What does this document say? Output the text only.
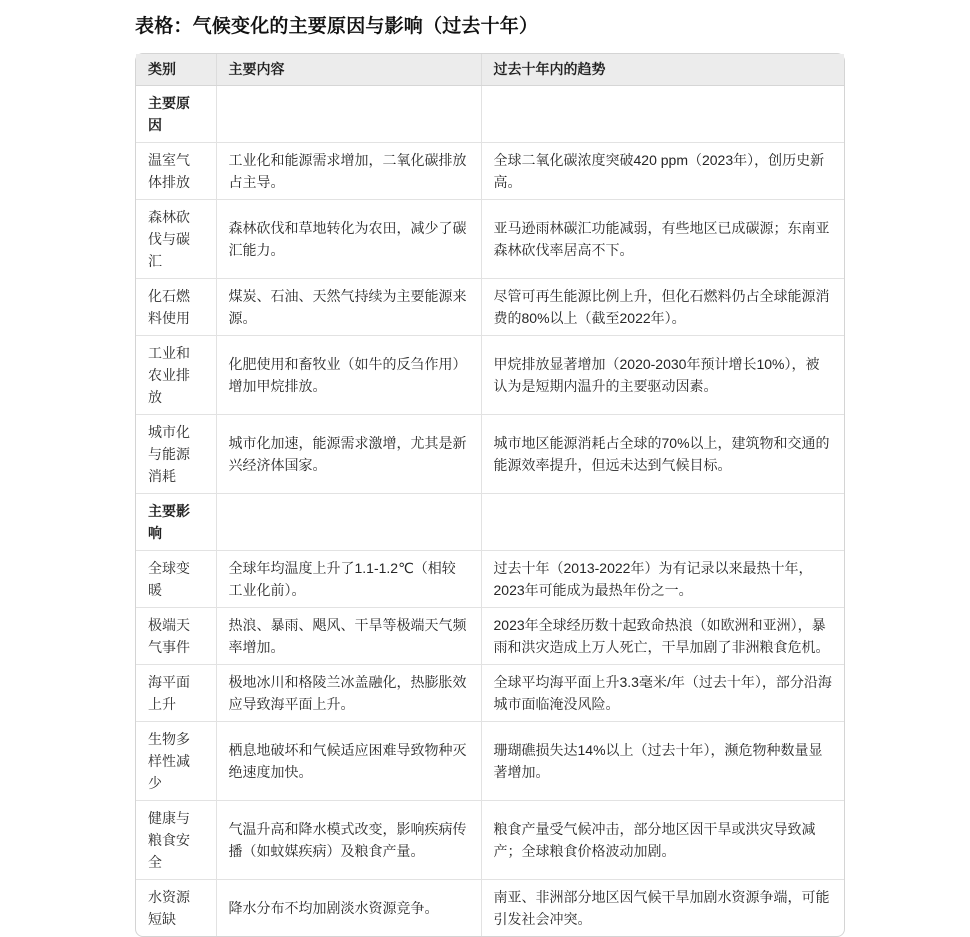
表格：气候变化的主要原因与影响（过去十年）
类别	主要内容	过去十年内的趋势
主要原因		
温室气体排放	工业化和能源需求增加，二氧化碳排放占主导。	全球二氧化碳浓度突破420 ppm（2023年），创历史新高。
森林砍伐与碳汇	森林砍伐和草地转化为农田，减少了碳汇能力。	亚马逊雨林碳汇功能减弱，有些地区已成碳源；东南亚森林砍伐率居高不下。
化石燃料使用	煤炭、石油、天然气持续为主要能源来源。	尽管可再生能源比例上升，但化石燃料仍占全球能源消费的80%以上（截至2022年）。
工业和农业排放	化肥使用和畜牧业（如牛的反刍作用）增加甲烷排放。	甲烷排放显著增加（2020-2030年预计增长10%），被认为是短期内温升的主要驱动因素。
城市化与能源消耗	城市化加速，能源需求激增，尤其是新兴经济体国家。	城市地区能源消耗占全球的70%以上，建筑物和交通的能源效率提升，但远未达到气候目标。
主要影响		
全球变暖	全球年均温度上升了1.1-1.2℃（相较工业化前）。	过去十年（2013-2022年）为有记录以来最热十年，2023年可能成为最热年份之一。
极端天气事件	热浪、暴雨、飓风、干旱等极端天气频率增加。	2023年全球经历数十起致命热浪（如欧洲和亚洲），暴雨和洪灾造成上万人死亡，干旱加剧了非洲粮食危机。
海平面上升	极地冰川和格陵兰冰盖融化，热膨胀效应导致海平面上升。	全球平均海平面上升3.3毫米/年（过去十年），部分沿海城市面临淹没风险。
生物多样性减少	栖息地破坏和气候适应困难导致物种灭绝速度加快。	珊瑚礁损失达14%以上（过去十年），濒危物种数量显著增加。
健康与粮食安全	气温升高和降水模式改变，影响疾病传播（如蚊媒疾病）及粮食产量。	粮食产量受气候冲击，部分地区因干旱或洪灾导致减产；全球粮食价格波动加剧。
水资源短缺	降水分布不均加剧淡水资源竞争。	南亚、非洲部分地区因气候干旱加剧水资源争端，可能引发社会冲突。
